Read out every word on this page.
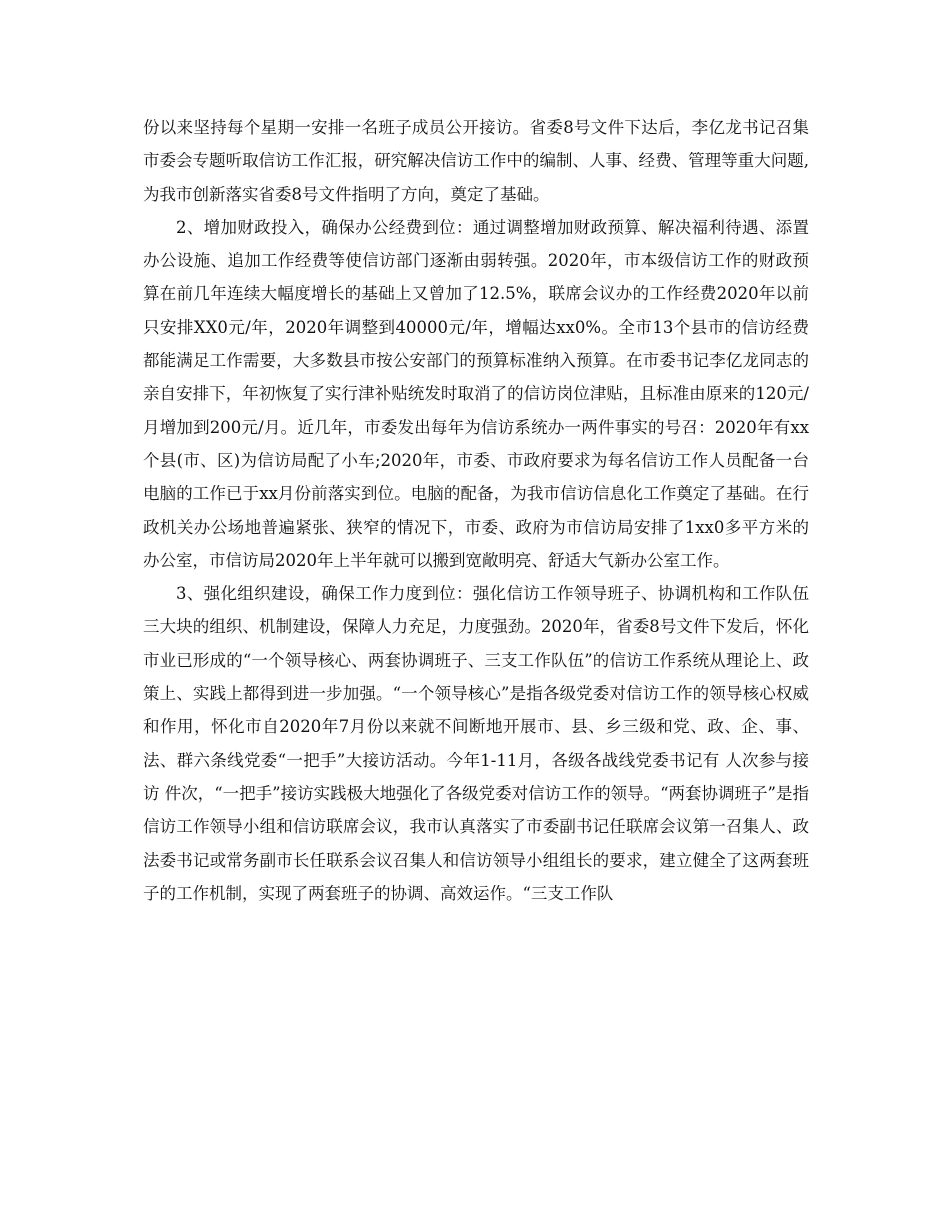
份以来坚持每个星期一安排一名班子成员公开接访。省委8号文件下达后，李亿龙书记召集市委会专题听取信访工作汇报，研究解决信访工作中的编制、人事、经费、管理等重大问题,为我市创新落实省委8号文件指明了方向，奠定了基础。

2、增加财政投入，确保办公经费到位：通过调整增加财政预算、解决福利待遇、添置办公设施、追加工作经费等使信访部门逐渐由弱转强。2020年，市本级信访工作的财政预算在前几年连续大幅度增长的基础上又曾加了12.5%，联席会议办的工作经费2020年以前只安排XX0元/年，2020年调整到40000元/年，增幅达xx0%。全市13个县市的信访经费都能满足工作需要，大多数县市按公安部门的预算标准纳入预算。在市委书记李亿龙同志的亲自安排下，年初恢复了实行津补贴统发时取消了的信访岗位津贴，且标准由原来的120元/月增加到200元/月。近几年，市委发出每年为信访系统办一两件事实的号召：2020年有xx个县(市、区)为信访局配了小车;2020年，市委、市政府要求为每名信访工作人员配备一台电脑的工作已于xx月份前落实到位。电脑的配备，为我市信访信息化工作奠定了基础。在行政机关办公场地普遍紧张、狭窄的情况下，市委、政府为市信访局安排了1xx0多平方米的办公室，市信访局2020年上半年就可以搬到宽敞明亮、舒适大气新办公室工作。

3、强化组织建设，确保工作力度到位：强化信访工作领导班子、协调机构和工作队伍三大块的组织、机制建设，保障人力充足，力度强劲。2020年，省委8号文件下发后，怀化市业已形成的“一个领导核心、两套协调班子、三支工作队伍”的信访工作系统从理论上、政策上、实践上都得到进一步加强。“一个领导核心”是指各级党委对信访工作的领导核心权威和作用，怀化市自2020年7月份以来就不间断地开展市、县、乡三级和党、政、企、事、法、群六条线党委“一把手”大接访活动。今年1-11月，各级各战线党委书记有 人次参与接访 件次，“一把手”接访实践极大地强化了各级党委对信访工作的领导。“两套协调班子”是指信访工作领导小组和信访联席会议，我市认真落实了市委副书记任联席会议第一召集人、政法委书记或常务副市长任联系会议召集人和信访领导小组组长的要求，建立健全了这两套班子的工作机制，实现了两套班子的协调、高效运作。“三支工作队
